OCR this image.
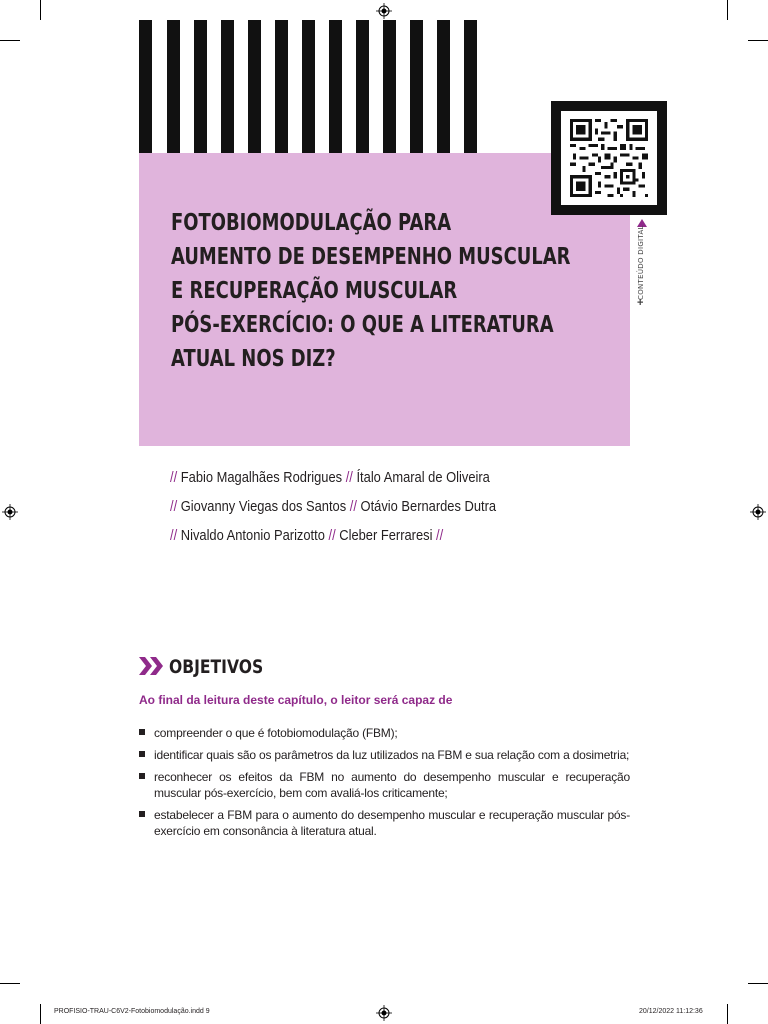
FOTOBIOMODULAÇÃO PARA
AUMENTO DE DESEMPENHO MUSCULAR
E RECUPERAÇÃO MUSCULAR
PÓS-EXERCÍCIO: O QUE A LITERATURA
ATUAL NOS DIZ?
CONTEÚDO DIGITAL
+
// Fabio Magalhães Rodrigues // Ítalo Amaral de Oliveira
// Giovanny Viegas dos Santos // Otávio Bernardes Dutra
// Nivaldo Antonio Parizotto // Cleber Ferraresi //
OBJETIVOS
Ao final da leitura deste capítulo, o leitor será capaz de
compreender o que é fotobiomodulação (FBM);
identificar quais são os parâmetros da luz utilizados na FBM e sua relação com a dosimetria;
reconhecer os efeitos da FBM no aumento do desempenho muscular e recuperação muscular pós-exercício, bem com avaliá-los criticamente;
estabelecer a FBM para o aumento do desempenho muscular e recuperação muscular pós-exercício em consonância à literatura atual.
PROFISIO-TRAU-C6V2-Fotobiomodulação.indd 9	20/12/2022 11:12:36
